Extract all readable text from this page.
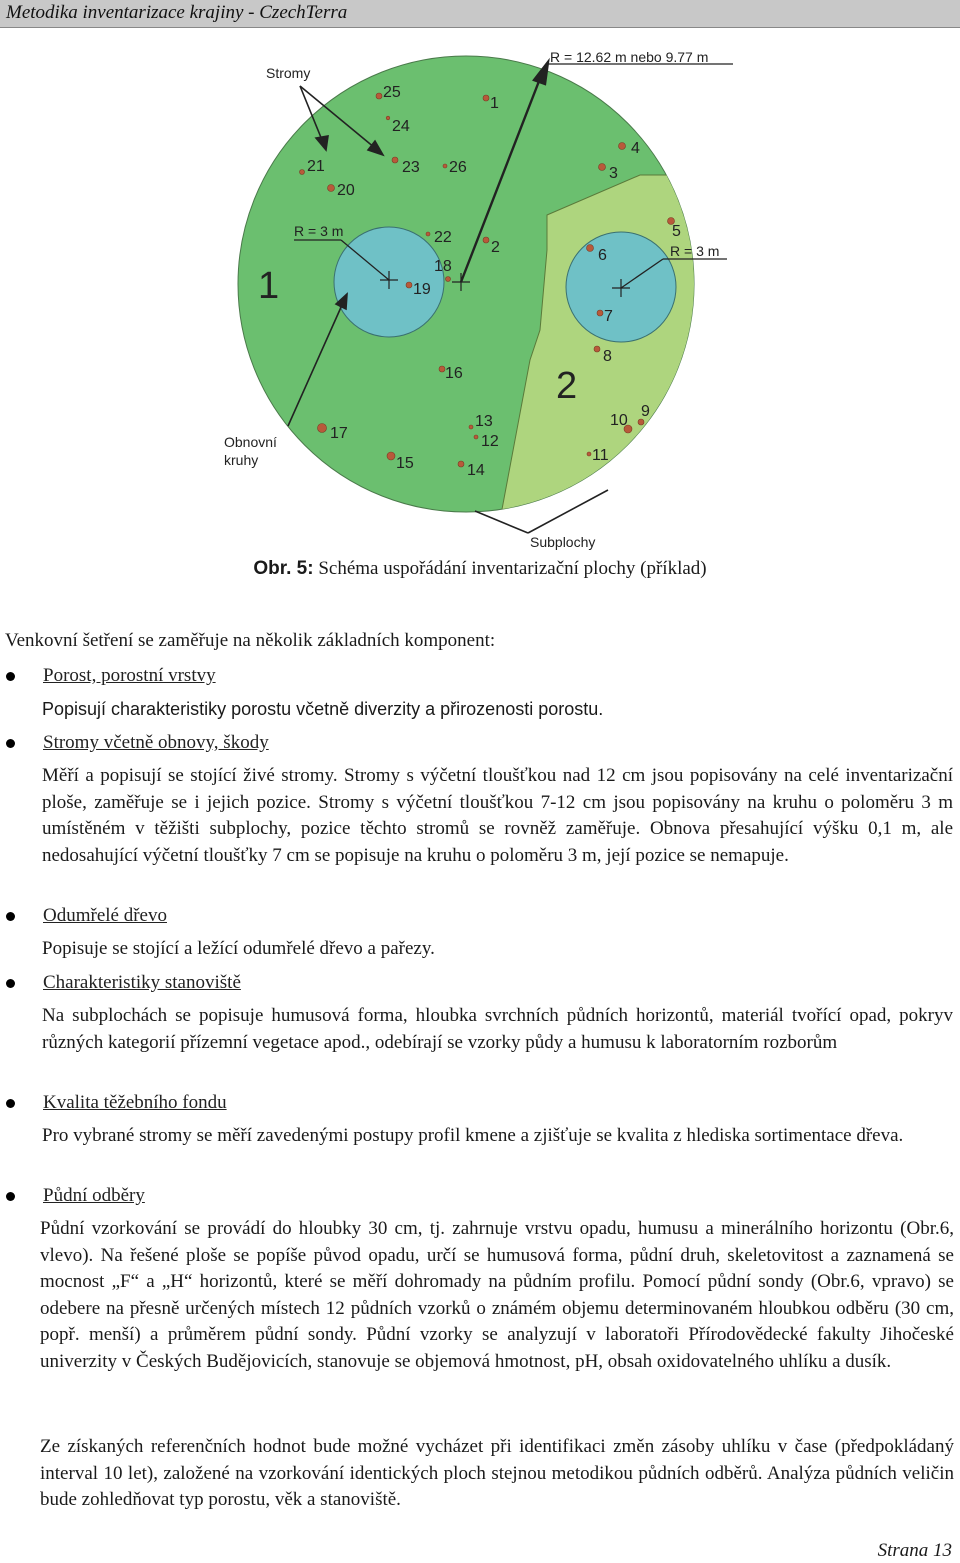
Metodika inventarizace krajiny - CzechTerra
1
2
3
4
5
6
7
8
9
10
11
12
13
14
15
16
17
18
19
20
21
22
23
24
25
26
Stromy
R = 12.62 m nebo 9.77 m
R = 3 m
R = 3 m
Obnovní
kruhy
Subplochy
1
2
Obr. 5: Schéma uspořádání inventarizační plochy (příklad)
Venkovní šetření se zaměřuje na několik základních komponent:
Porost, porostní vrstvy

Popisují charakteristiky porostu včetně diverzity a přirozenosti porostu.

Stromy včetně obnovy, škody

Měří a popisují se stojící živé stromy. Stromy s výčetní tloušťkou nad 12 cm jsou popisovány na celé inventarizační ploše, zaměřuje se i jejich pozice. Stromy s výčetní tloušťkou 7-12 cm jsou popisovány na kruhu o poloměru 3 m umístěném v těžišti subplochy, pozice těchto stromů se rovněž zaměřuje. Obnova přesahující výšku 0,1 m, ale nedosahující výčetní tloušťky 7 cm se popisuje na kruhu o poloměru 3 m, její pozice se nemapuje.

Odumřelé dřevo

Popisuje se stojící a ležící odumřelé dřevo a pařezy.

Charakteristiky stanoviště

Na subplochách se popisuje humusová forma, hloubka svrchních půdních horizontů, materiál tvořící opad, pokryv různých kategorií přízemní vegetace apod., odebírají se vzorky půdy a humusu k laboratorním rozborům

Kvalita těžebního fondu

Pro vybrané stromy se měří zavedenými postupy profil kmene a zjišťuje se kvalita z hlediska sortimentace dřeva.

Půdní odběry

Půdní vzorkování se provádí do hloubky 30 cm, tj. zahrnuje vrstvu opadu, humusu a minerálního horizontu (Obr.6, vlevo). Na řešené ploše se popíše původ opadu, určí se humusová forma, půdní druh, skeletovitost a zaznamená se mocnost „F“ a „H“ horizontů, které se měří dohromady na půdním profilu. Pomocí půdní sondy (Obr.6, vpravo) se odebere na přesně určených místech 12 půdních vzorků o známém objemu determinovaném hloubkou odběru (30 cm, popř. menší) a průměrem půdní sondy. Půdní vzorky se analyzují v laboratoři Přírodovědecké fakulty Jihočeské univerzity v Českých Budějovicích, stanovuje se objemová hmotnost, pH, obsah oxidovatelného uhlíku a dusík.

Ze získaných referenčních hodnot bude možné vycházet při identifikaci změn zásoby uhlíku v čase (předpokládaný interval 10 let), založené na vzorkování identických ploch stejnou metodikou půdních odběrů. Analýza půdních veličin bude zohledňovat typ porostu, věk a stanoviště.

Strana 13
